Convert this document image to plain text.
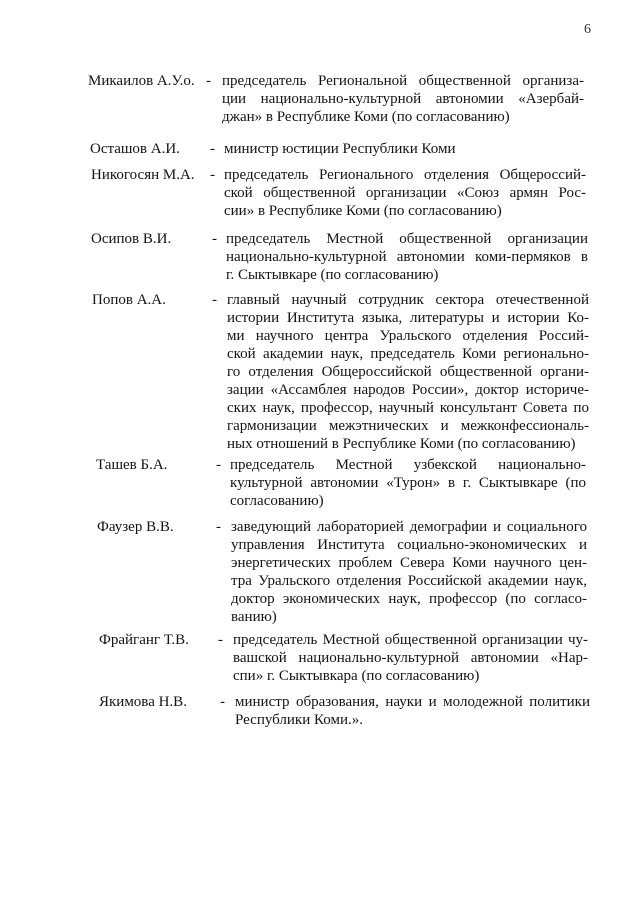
6
Микаилов А.У.о. - председатель Региональной общественной организа-
ции национально-культурной автономии «Азербай-
джан» в Республике Коми (по согласованию)
Осташов А.И. - министр юстиции Республики Коми
Никогосян М.А. - председатель Регионального отделения Общероссий-
ской общественной организации «Союз армян Рос-
сии» в Республике Коми (по согласованию)
Осипов В.И.	- председатель Местной общественной организации
национально-культурной автономии коми-пермяков в
г. Сыктывкаре (по согласованию)
Попов А.А.	- главный научный сотрудник сектора отечественной
истории Института языка, литературы и истории Ко-
ми научного центра Уральского отделения Россий-
ской академии наук, председатель Коми регионально-
го отделения Общероссийской общественной органи-
зации «Ассамблея народов России», доктор историче-
ских наук, профессор, научный консультант Совета по
гармонизации межэтнических и межконфессиональ-
ных отношений в Республике Коми (по согласованию)
Ташев Б.А.	- председатель Местной узбекской национально-
культурной автономии «Турон» в г. Сыктывкаре (по
согласованию)
Фаузер В.В.	- заведующий лабораторией демографии и социального
управления Института социально-экономических и
энергетических проблем Севера Коми научного цен-
тра Уральского отделения Российской академии наук,
доктор экономических наук, профессор (по согласо-
ванию)
Фрайганг Т.В. - председатель Местной общественной организации чу-
вашской национально-культурной автономии «Нар-
спи» г. Сыктывкара (по согласованию)
Якимова Н.В. - министр образования, науки и молодежной политики
Республики Коми.».
